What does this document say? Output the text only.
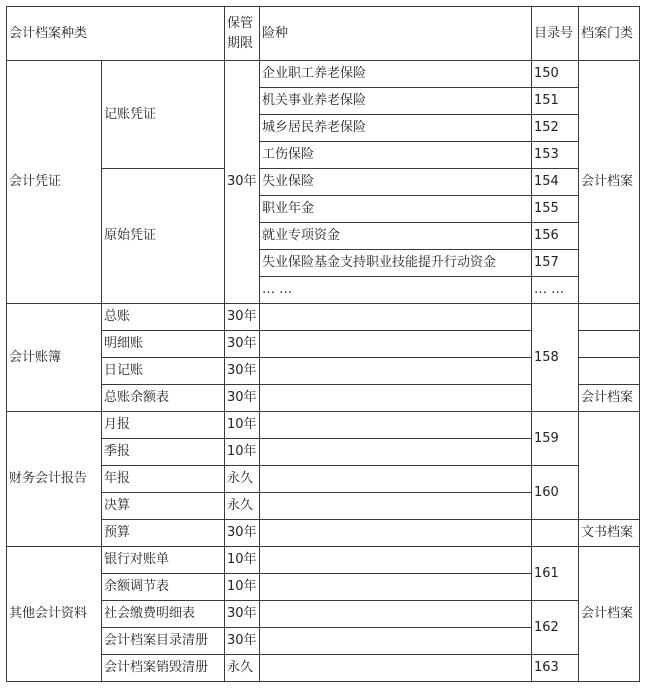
会计档案种类		保管期限	险种	目录号	档案门类
会计凭证	记账凭证	30年	企业职工养老保险	150	会计档案
			机关事业养老保险	151	
			城乡居民养老保险	152	
			工伤保险	153	
	原始凭证		失业保险	154	
			职业年金	155	
			就业专项资金	156	
			失业保险基金支持职业技能提升行动资金	157	
			… …	… …	
会计账簿	总账	30年		158	
	明细账	30年			
	日记账	30年			
	总账余额表	30年			会计档案
财务会计报告	月报	10年		159	
	季报	10年			
	年报	永久		160	
	决算	永久			
	预算	30年			文书档案
其他会计资料	银行对账单	10年		161	会计档案
	余额调节表	10年			
	社会缴费明细表	30年		162	
	会计档案目录清册	30年			
	会计档案销毁清册	永久		163	
